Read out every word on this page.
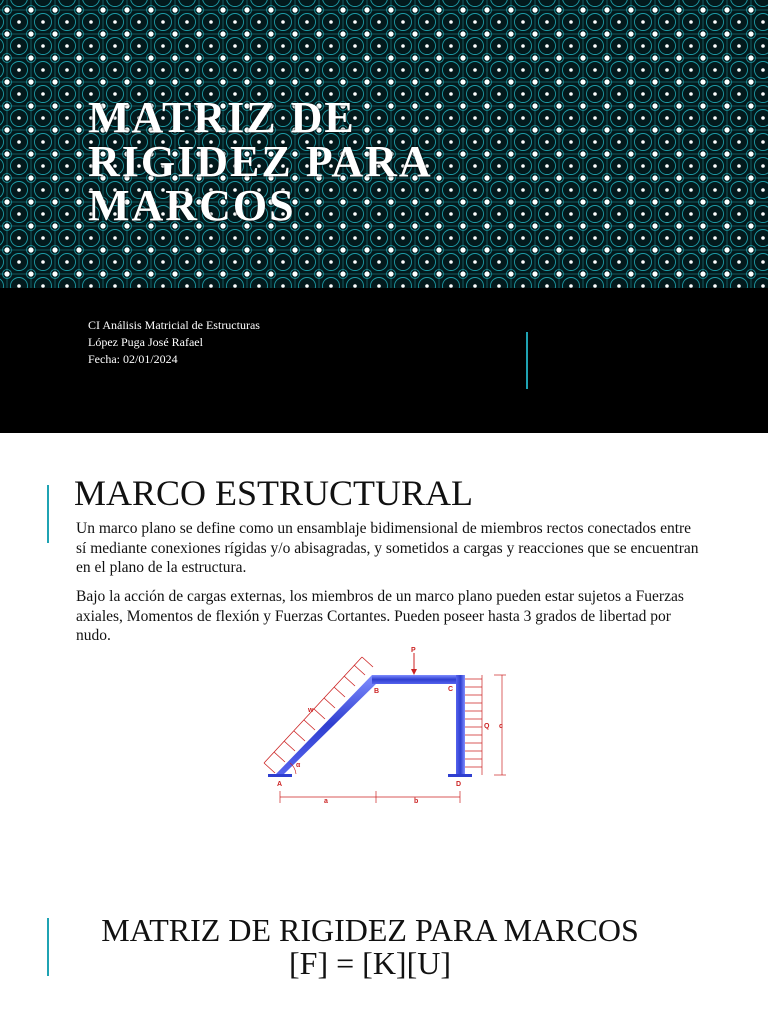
MATRIZ DE
RIGIDEZ PARA
MARCOS
CI Análisis Matricial de Estructuras
López Puga José Rafael
Fecha: 02/01/2024
MARCO ESTRUCTURAL

Un marco plano se define como un ensamblaje bidimensional de miembros rectos conectados entre sí mediante conexiones rígidas y/o abisagradas, y sometidos a cargas y reacciones que se encuentran en el plano de la estructura.

Bajo la acción de cargas externas, los miembros de un marco plano pueden estar sujetos a Fuerzas axiales, Momentos de flexión y Fuerzas Cortantes. Pueden poseer hasta 3 grados de libertad por nudo.

A
B	C
D
P
w
Q c
α
a	b
MATRIZ DE RIGIDEZ PARA MARCOS
[F] = [K][U]
